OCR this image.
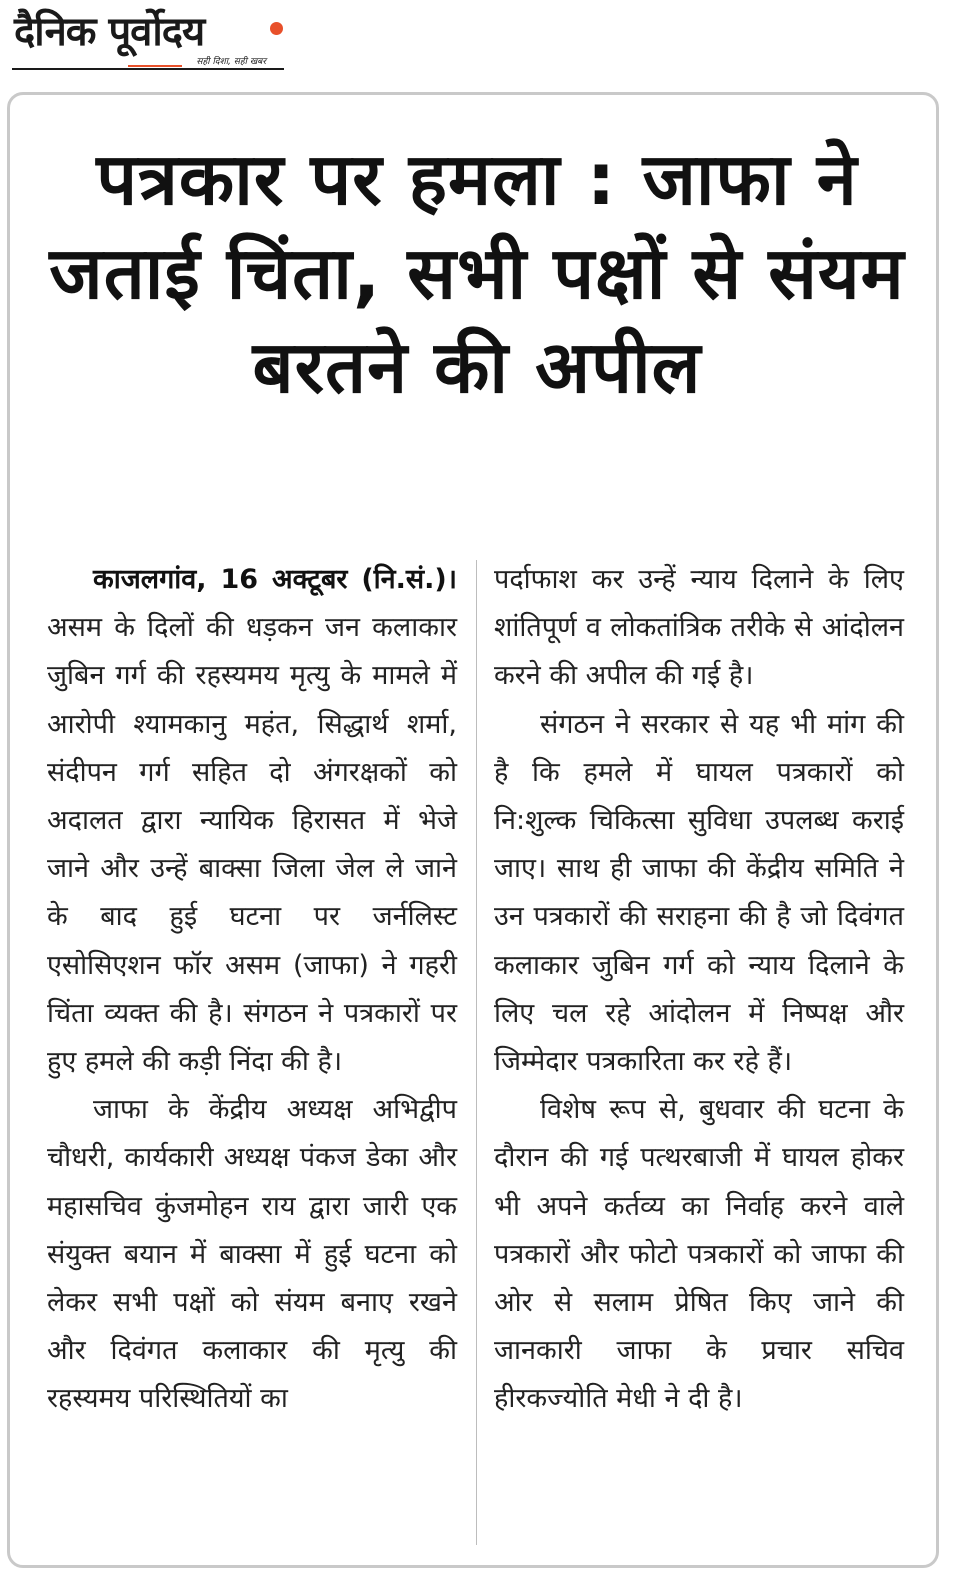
दैनिक पूर्वोदय
सही दिशा, सही खबर
पत्रकार पर हमला : जाफा ने जताई चिंता, सभी पक्षों से संयम बरतने की अपील

काजलगांव, 16 अक्टूबर (नि.सं.)। असम के दिलों की धड़कन जन कलाकार जुबिन गर्ग की रहस्यमय मृत्यु के मामले में आरोपी श्यामकानु महंत, सिद्धार्थ शर्मा, संदीपन गर्ग सहित दो अंगरक्षकों को अदालत द्वारा न्यायिक हिरासत में भेजे जाने और उन्हें बाक्सा जिला जेल ले जाने के बाद हुई घटना पर जर्नलिस्ट एसोसिएशन फॉर असम (जाफा) ने गहरी चिंता व्यक्त की है। संगठन ने पत्रकारों पर हुए हमले की कड़ी निंदा की है।

जाफा के केंद्रीय अध्यक्ष अभिद्वीप चौधरी, कार्यकारी अध्यक्ष पंकज डेका और महासचिव कुंजमोहन राय द्वारा जारी एक संयुक्त बयान में बाक्सा में हुई घटना को लेकर सभी पक्षों को संयम बनाए रखने और दिवंगत कलाकार की मृत्यु की रहस्यमय परिस्थितियों का

पर्दाफाश कर उन्हें न्याय दिलाने के लिए शांतिपूर्ण व लोकतांत्रिक तरीके से आंदोलन करने की अपील की गई है।

संगठन ने सरकार से यह भी मांग की है कि हमले में घायल पत्रकारों को नि:शुल्क चिकित्सा सुविधा उपलब्ध कराई जाए। साथ ही जाफा की केंद्रीय समिति ने उन पत्रकारों की सराहना की है जो दिवंगत कलाकार जुबिन गर्ग को न्याय दिलाने के लिए चल रहे आंदोलन में निष्पक्ष और जिम्मेदार पत्रकारिता कर रहे हैं।

विशेष रूप से, बुधवार की घटना के दौरान की गई पत्थरबाजी में घायल होकर भी अपने कर्तव्य का निर्वाह करने वाले पत्रकारों और फोटो पत्रकारों को जाफा की ओर से सलाम प्रेषित किए जाने की जानकारी जाफा के प्रचार सचिव हीरकज्योति मेधी ने दी है।
